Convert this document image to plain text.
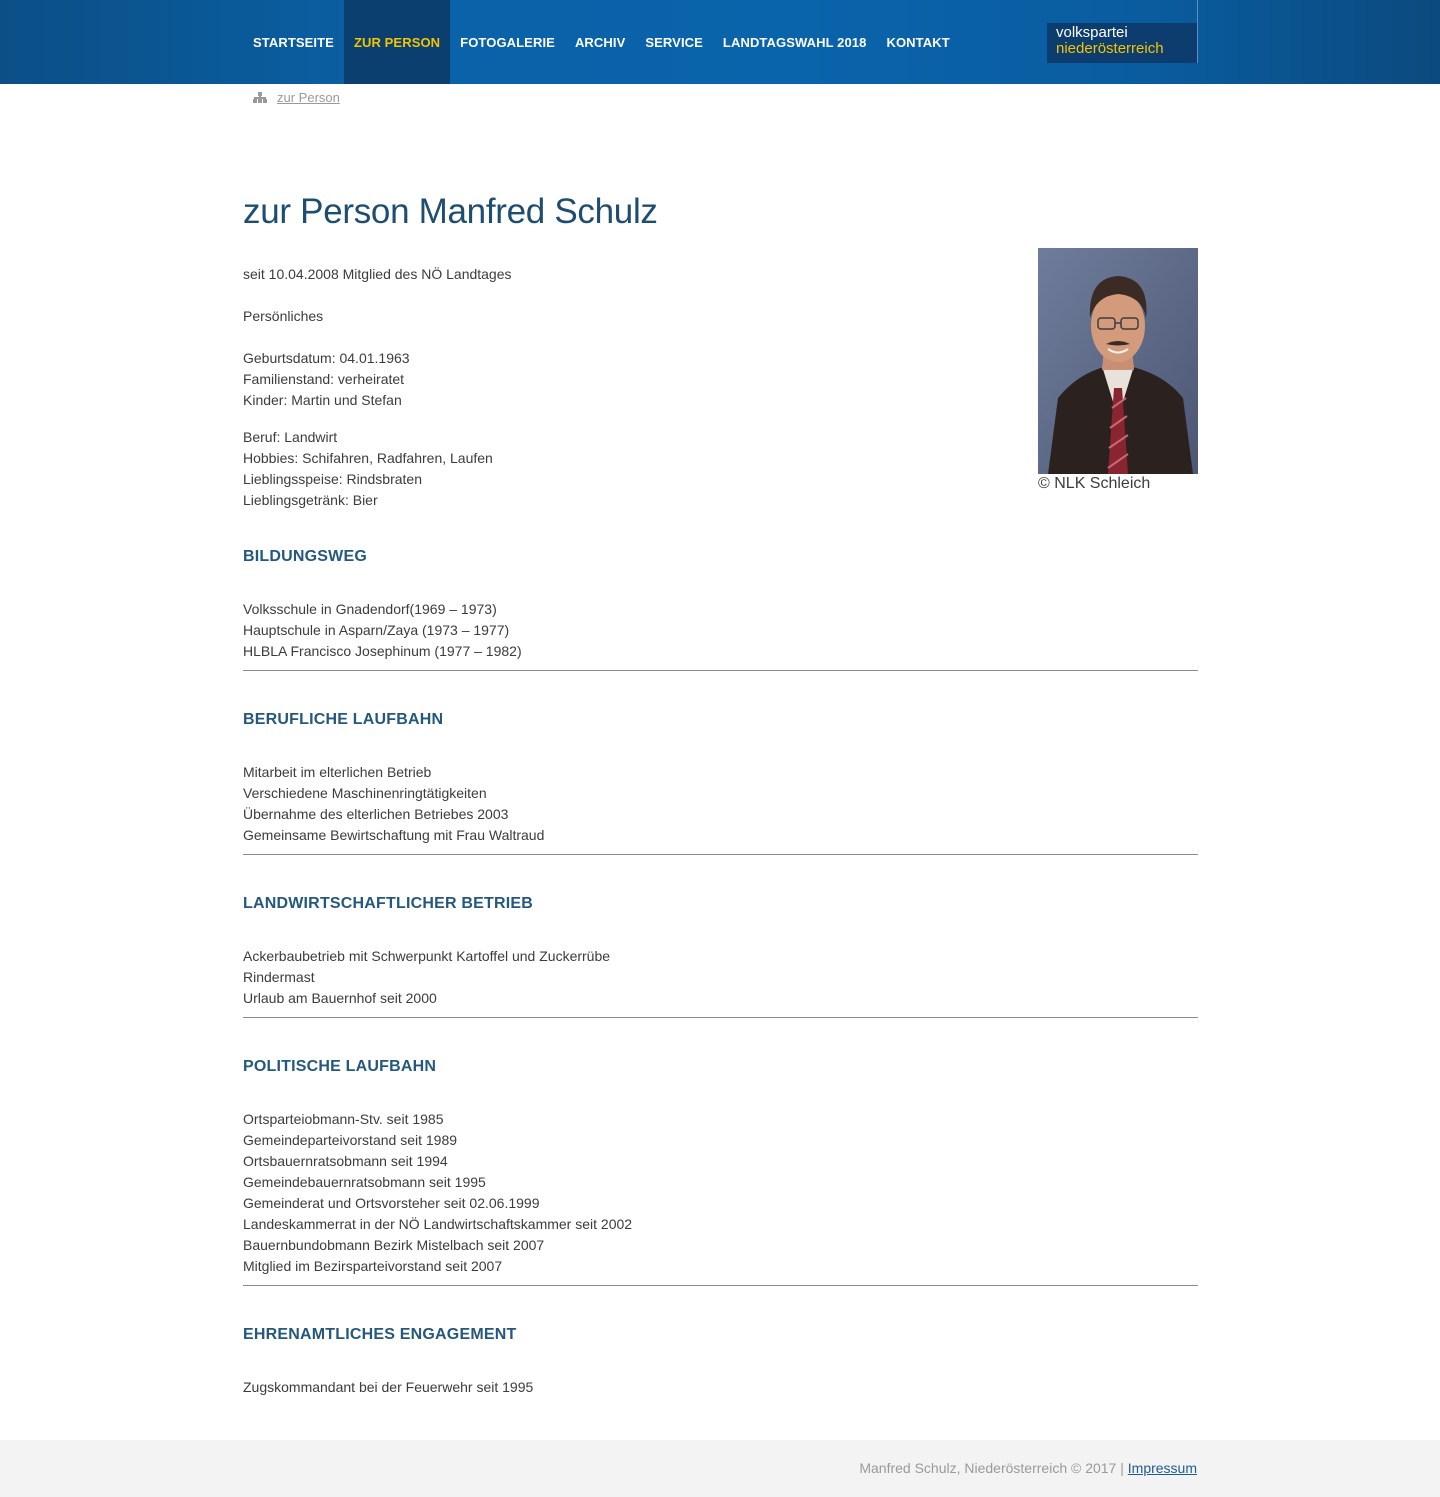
STARTSEITE	ZUR PERSON	FOTOGALERIE	ARCHIV	SERVICE	LANDTAGSWAHL 2018	KONTAKT
volkspartei
niederösterreich
zur Person
zur Person Manfred Schulz

seit 10.04.2008 Mitglied des NÖ Landtages

Persönliches

Geburtsdatum: 04.01.1963

Familienstand: verheiratet

Kinder: Martin und Stefan

Beruf: Landwirt

Hobbies: Schifahren, Radfahren, Laufen

Lieblingsspeise: Rindsbraten

Lieblingsgetränk: Bier

© NLK Schleich
BILDUNGSWEG

Volksschule in Gnadendorf(1969 – 1973)

Hauptschule in Asparn/Zaya (1973 – 1977)

HLBLA Francisco Josephinum (1977 – 1982)

BERUFLICHE LAUFBAHN

Mitarbeit im elterlichen Betrieb

Verschiedene Maschinenringtätigkeiten

Übernahme des elterlichen Betriebes 2003

Gemeinsame Bewirtschaftung mit Frau Waltraud

LANDWIRTSCHAFTLICHER BETRIEB

Ackerbaubetrieb mit Schwerpunkt Kartoffel und Zuckerrübe

Rindermast

Urlaub am Bauernhof seit 2000

POLITISCHE LAUFBAHN

Ortsparteiobmann-Stv. seit 1985

Gemeindeparteivorstand seit 1989

Ortsbauernratsobmann seit 1994

Gemeindebauernratsobmann seit 1995

Gemeinderat und Ortsvorsteher seit 02.06.1999

Landeskammerrat in der NÖ Landwirtschaftskammer seit 2002

Bauernbundobmann Bezirk Mistelbach seit 2007

Mitglied im Bezirsparteivorstand seit 2007

EHRENAMTLICHES ENGAGEMENT

Zugskommandant bei der Feuerwehr seit 1995

Manfred Schulz, Niederösterreich © 2017 | Impressum
